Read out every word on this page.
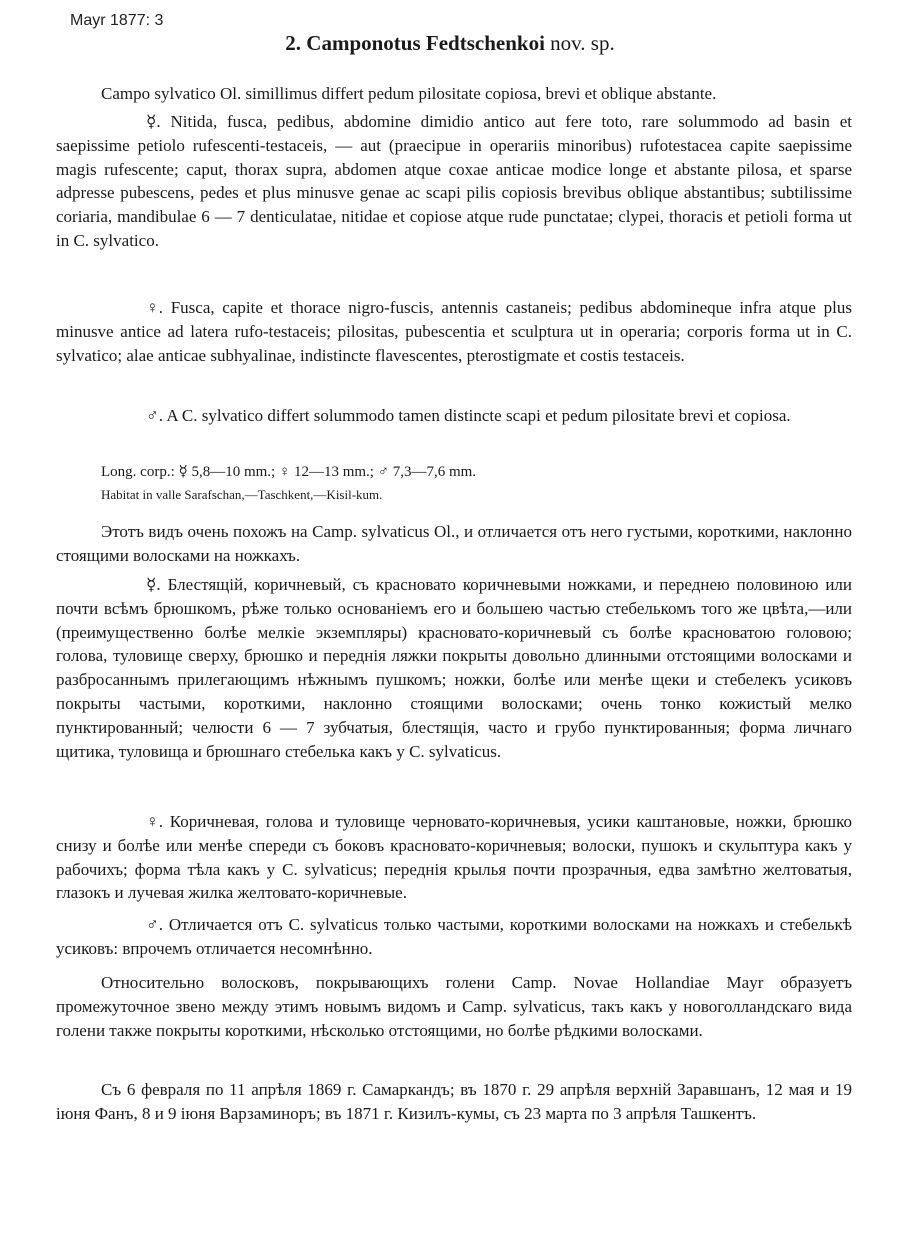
Mayr 1877: 3
2. Camponotus Fedtschenkoi nov. sp.

Campo sylvatico Ol. simillimus differt pedum pilositate copiosa, brevi et oblique abstante.

☿. Nitida, fusca, pedibus, abdomine dimidio antico aut fere toto, rare solummodo ad basin et saepissime petiolo rufescenti-testaceis, — aut (praecipue in operariis minoribus) rufotestacea capite saepissime magis rufescente; caput, thorax supra, abdomen atque coxae anticae modice longe et abstante pilosa, et sparse adpresse pubescens, pedes et plus minusve genae ac scapi pilis copiosis brevibus oblique abstantibus; subtilissime coriaria, mandibulae 6 — 7 denticulatae, nitidae et copiose atque rude punctatae; clypei, thoracis et petioli forma ut in C. sylvatico.

♀. Fusca, capite et thorace nigro-fuscis, antennis castaneis; pedibus abdomineque infra atque plus minusve antice ad latera rufo-testaceis; pilositas, pubescentia et sculptura ut in operaria; corporis forma ut in C. sylvatico; alae anticae subhyalinae, indistincte flavescentes, pterostigmate et costis testaceis.

♂. A C. sylvatico differt solummodo tamen distincte scapi et pedum pilositate brevi et copiosa.

Long. corp.: ☿ 5,8—10 mm.; ♀ 12—13 mm.; ♂ 7,3—7,6 mm.

Habitat in valle Sarafschan,—Taschkent,—Kisil-kum.

Этотъ видъ очень похожъ на Camp. sylvaticus Ol., и отличается отъ него густыми, короткими, наклонно стоящими волосками на ножкахъ.

☿. Блестящій, коричневый, съ красновато коричневыми ножками, и переднею половиною или почти всѣмъ брюшкомъ, рѣже только основаніемъ его и большею частью стебелькомъ того же цвѣта,—или (преимущественно болѣе мелкіе экземпляры) красновато-коричневый съ болѣе красноватою головою; голова, туловище сверху, брюшко и переднія ляжки покрыты довольно длинными отстоящими волосками и разбросаннымъ прилегающимъ нѣжнымъ пушкомъ; ножки, болѣе или менѣе щеки и стебелекъ усиковъ покрыты частыми, короткими, наклонно стоящими волосками; очень тонко кожистый мелко пунктированный; челюсти 6 — 7 зубчатыя, блестящія, часто и грубо пунктированныя; форма личнаго щитика, туловища и брюшнаго стебелька какъ у C. sylvaticus.

♀. Коричневая, голова и туловище черновато-коричневыя, усики каштановые, ножки, брюшко снизу и болѣе или менѣе спереди съ боковъ красновато-коричневыя; волоски, пушокъ и скульптура какъ у рабочихъ; форма тѣла какъ у C. sylvaticus; переднія крылья почти прозрачныя, едва замѣтно желтоватыя, глазокъ и лучевая жилка желтовато-коричневые.

♂. Отличается отъ C. sylvaticus только частыми, короткими волосками на ножкахъ и стебелькѣ усиковъ: впрочемъ отличается несомнѣнно.

Относительно волосковъ, покрывающихъ голени Camp. Novae Hollandiae Mayr образуетъ промежуточное звено между этимъ новымъ видомъ и Camp. sylvaticus, такъ какъ у новоголландскаго вида голени также покрыты короткими, нѣсколько отстоящими, но болѣе рѣдкими волосками.

Съ 6 февраля по 11 апрѣля 1869 г. Самаркандъ; въ 1870 г. 29 апрѣля верхній Заравшанъ, 12 мая и 19 іюня Фанъ, 8 и 9 іюня Варзаминоръ; въ 1871 г. Кизилъ-кумы, съ 23 марта по 3 апрѣля Ташкентъ.
